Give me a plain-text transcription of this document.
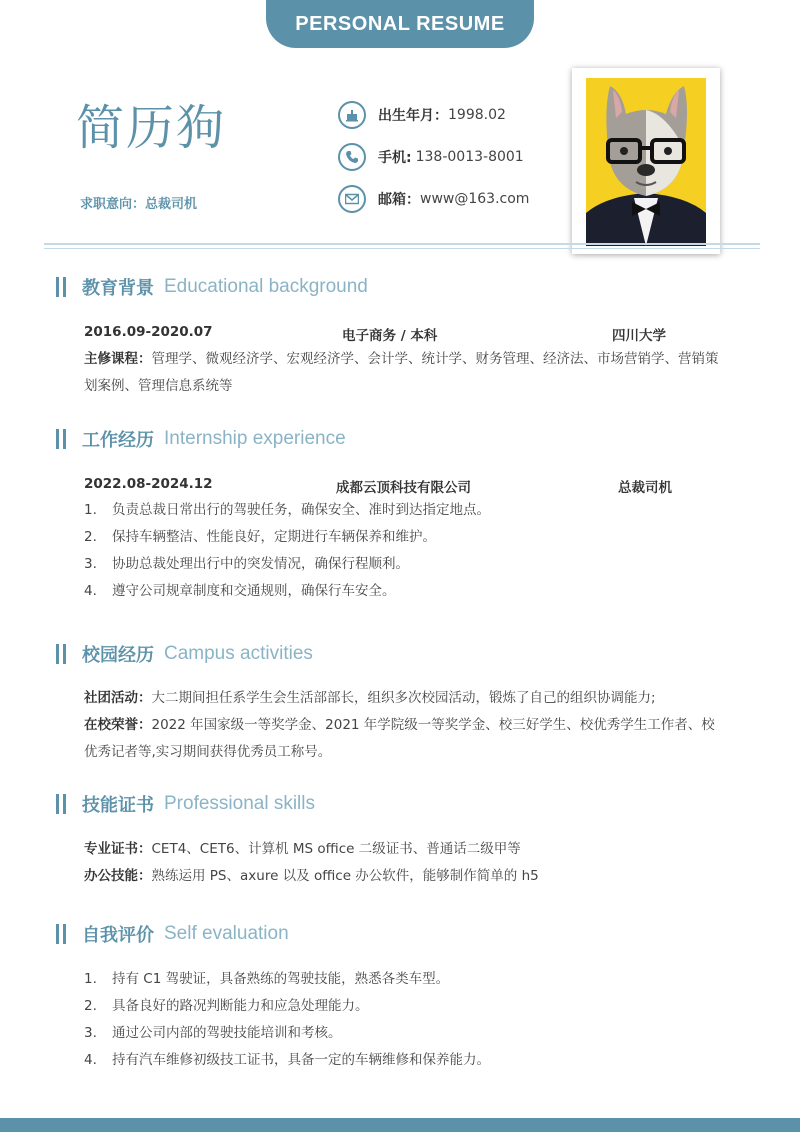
PERSONAL RESUME
简历狗
求职意向：总裁司机
出生年月： 1998.02
手机: 138-0013-8001
邮箱： www@163.com
教育背景 Educational background
2016.09-2020.07	电子商务 / 本科	四川大学
主修课程：管理学、微观经济学、宏观经济学、会计学、统计学、财务管理、经济法、市场营销学、营销策划案例、管理信息系统等
工作经历 Internship experience
2022.08-2024.12	成都云顶科技有限公司	总裁司机
1.	负责总裁日常出行的驾驶任务，确保安全、准时到达指定地点。
2.	保持车辆整洁、性能良好，定期进行车辆保养和维护。
3.	协助总裁处理出行中的突发情况，确保行程顺利。
4.	遵守公司规章制度和交通规则，确保行车安全。
校园经历 Campus activities
社团活动：大二期间担任系学生会生活部部长，组织多次校园活动，锻炼了自己的组织协调能力;
在校荣誉：2022 年国家级一等奖学金、2021 年学院级一等奖学金、校三好学生、校优秀学生工作者、校优秀记者等,实习期间获得优秀员工称号。
技能证书 Professional skills
专业证书：CET4、CET6、计算机 MS office 二级证书、普通话二级甲等
办公技能：熟练运用 PS、axure 以及 office 办公软件，能够制作简单的 h5
自我评价 Self evaluation
1.	持有 C1 驾驶证，具备熟练的驾驶技能，熟悉各类车型。
2.	具备良好的路况判断能力和应急处理能力。
3.	通过公司内部的驾驶技能培训和考核。
4.	持有汽车维修初级技工证书，具备一定的车辆维修和保养能力。
